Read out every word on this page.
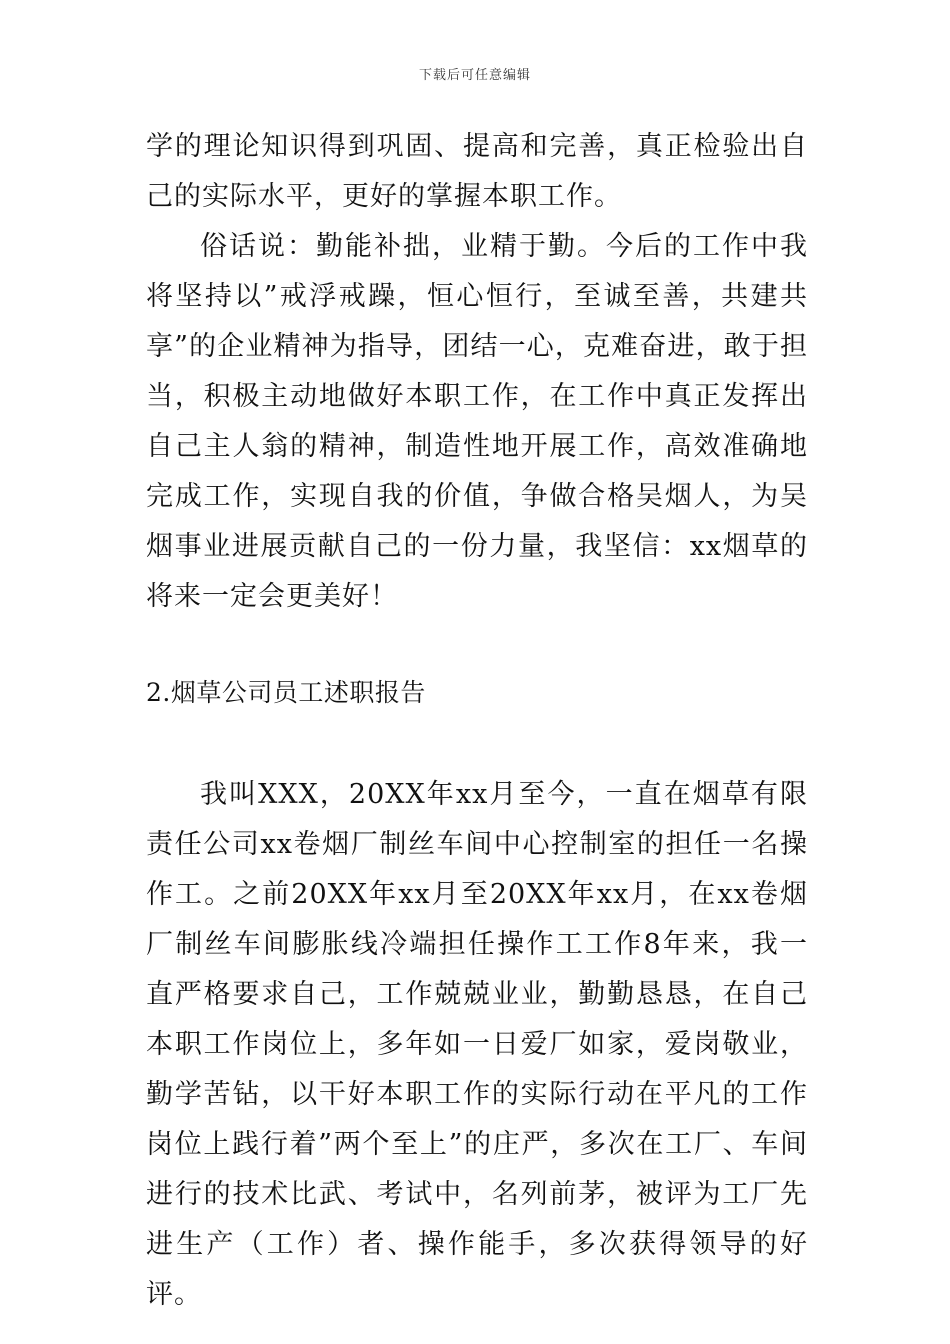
下载后可任意编辑

学的理论知识得到巩固、提高和完善，真正检验出自己的实际水平，更好的掌握本职工作。

俗话说：勤能补拙，业精于勤。今后的工作中我将坚持以”戒浮戒躁，恒心恒行，至诚至善，共建共享”的企业精神为指导，团结一心，克难奋进，敢于担当，积极主动地做好本职工作，在工作中真正发挥出自己主人翁的精神，制造性地开展工作，高效准确地完成工作，实现自我的价值，争做合格吴烟人，为吴烟事业进展贡献自己的一份力量，我坚信：xx烟草的将来一定会更美好！

2.烟草公司员工述职报告

我叫XXX，20XX年xx月至今，一直在烟草有限责任公司xx卷烟厂制丝车间中心控制室的担任一名操作工。之前20XX年xx月至20XX年xx月，在xx卷烟厂制丝车间膨胀线冷端担任操作工工作8年来，我一直严格要求自己，工作兢兢业业，勤勤恳恳，在自己本职工作岗位上，多年如一日爱厂如家，爱岗敬业，勤学苦钻，以干好本职工作的实际行动在平凡的工作岗位上践行着”两个至上”的庄严，多次在工厂、车间进行的技术比武、考试中，名列前茅，被评为工厂先进生产（工作）者、操作能手，多次获得领导的好评。
